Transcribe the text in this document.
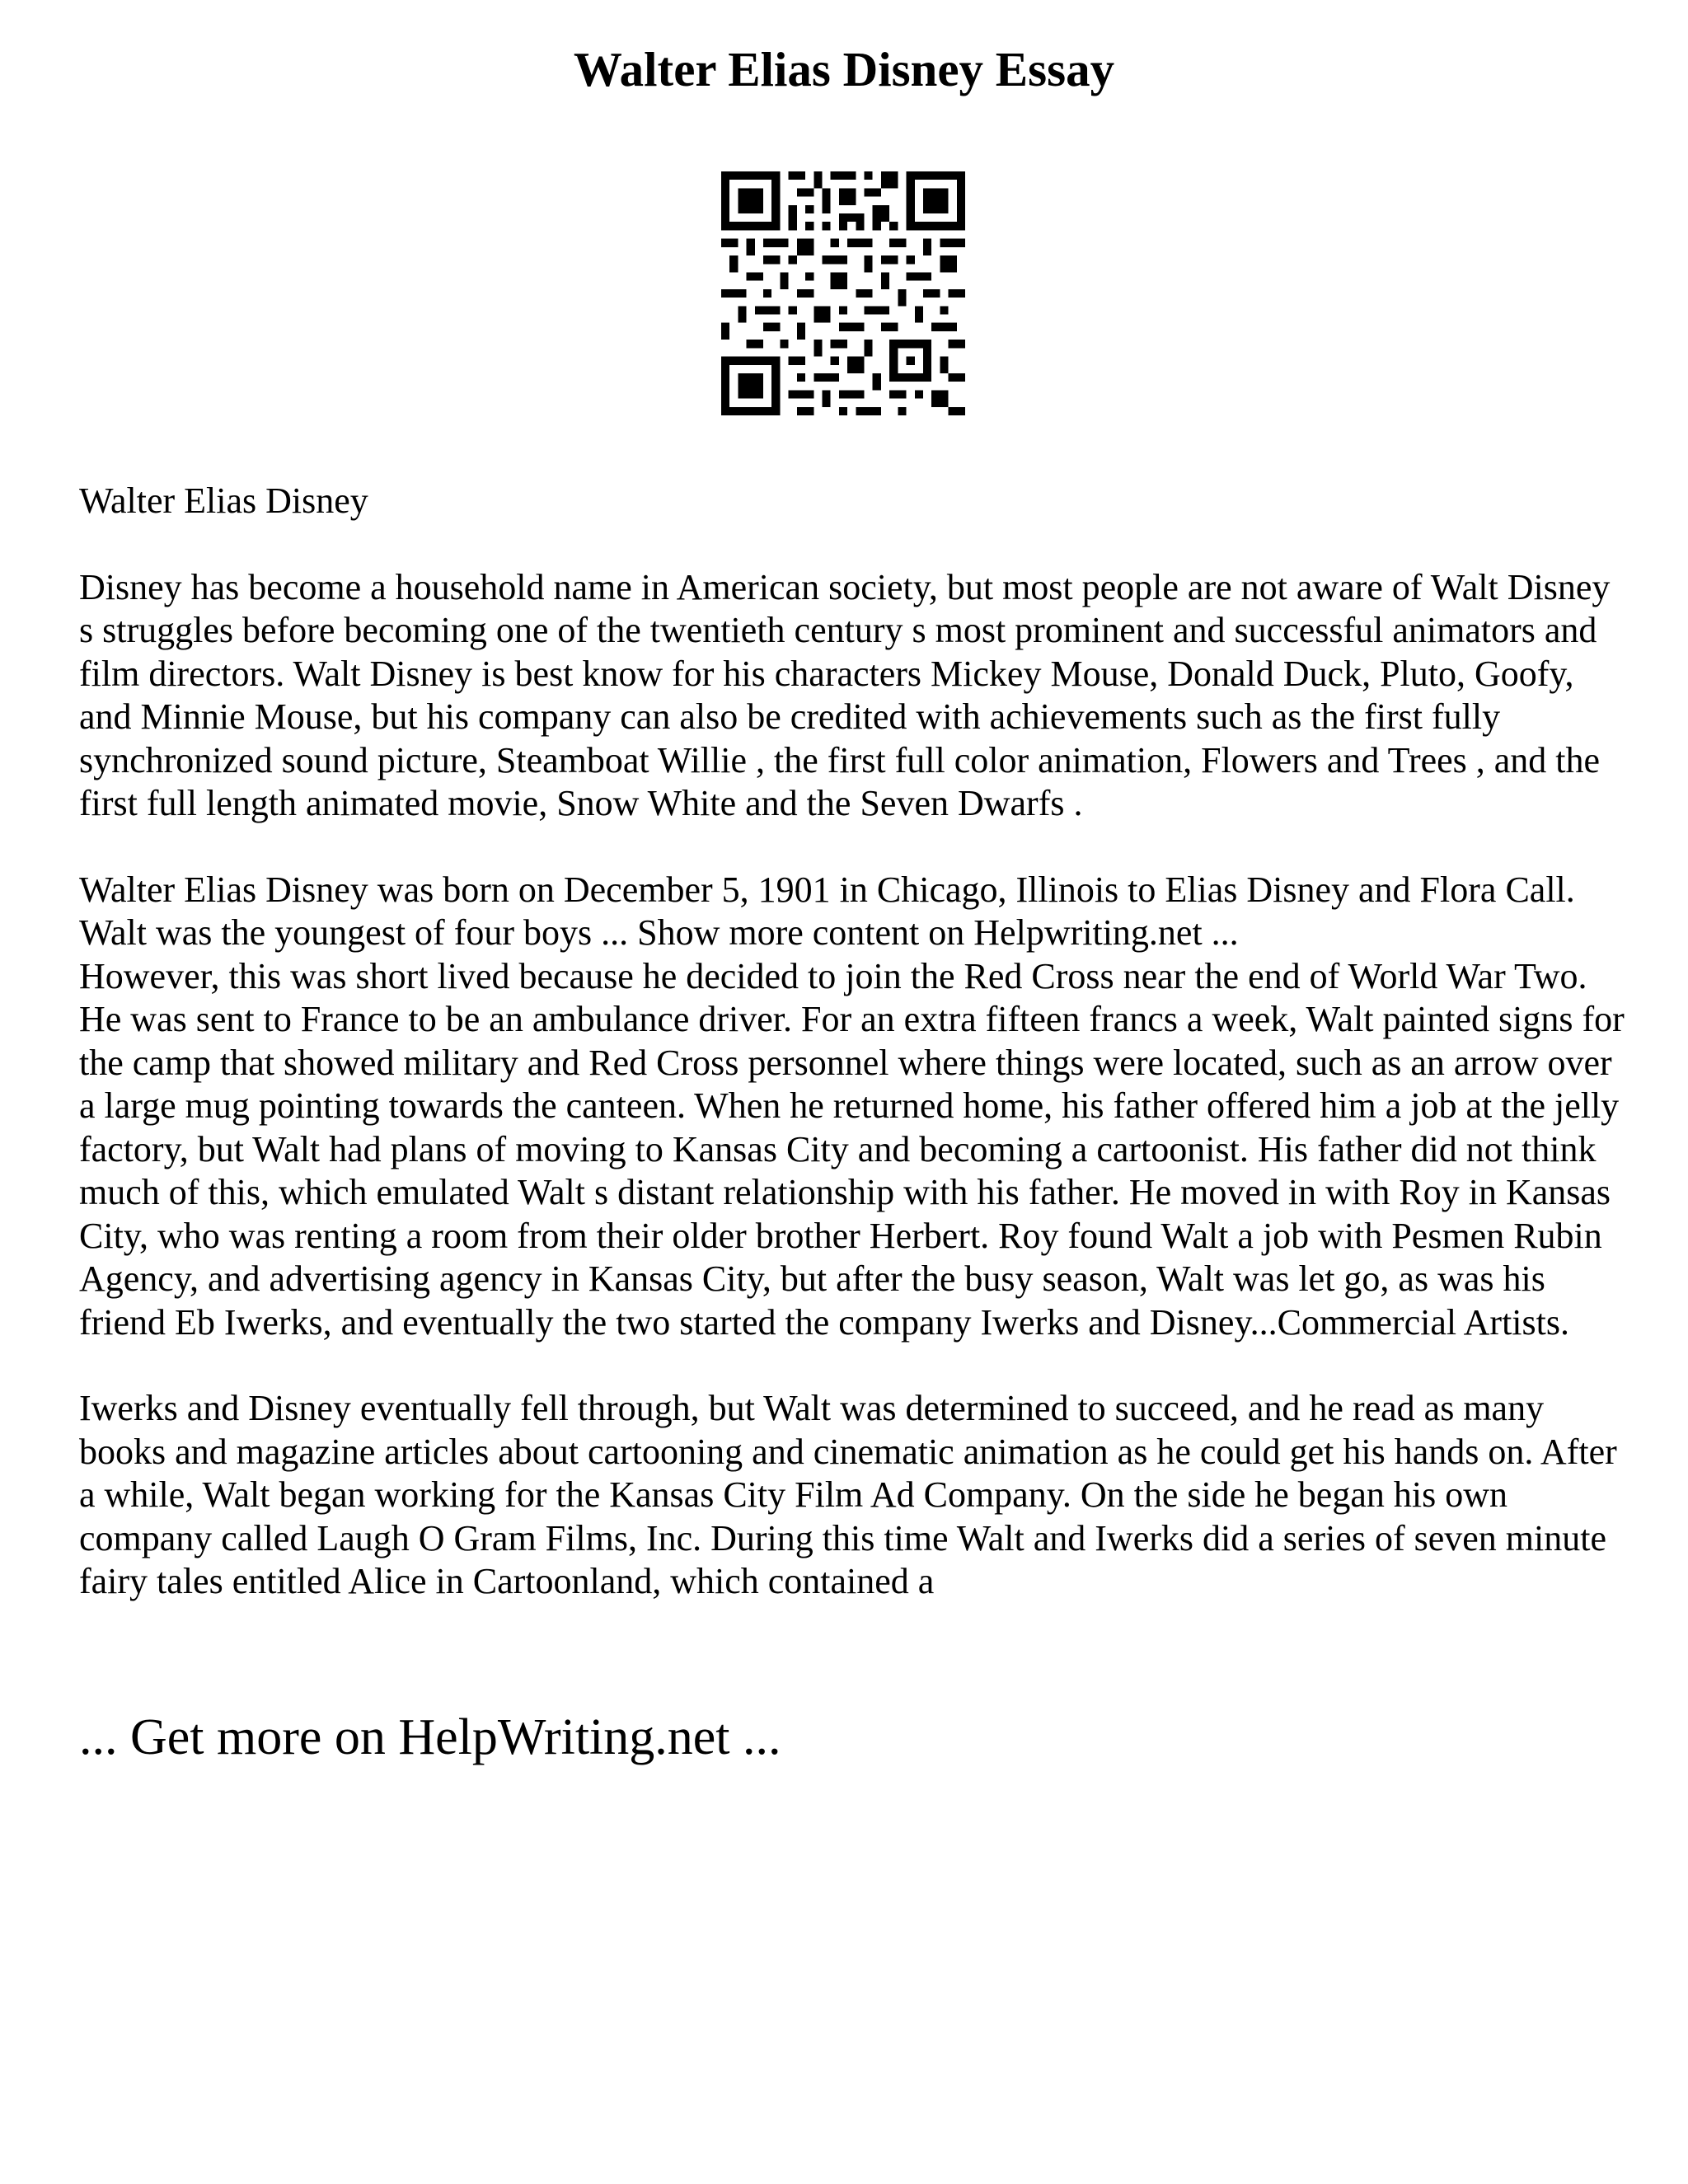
Walter Elias Disney Essay

Walter Elias Disney

Disney has become a household name in American society, but most people are not aware of Walt Disney s struggles before becoming one of the twentieth century s most prominent and successful animators and film directors. Walt Disney is best know for his characters Mickey Mouse, Donald Duck, Pluto, Goofy, and Minnie Mouse, but his company can also be credited with achievements such as the first fully synchronized sound picture, Steamboat Willie , the first full color animation, Flowers and Trees , and the first full length animated movie, Snow White and the Seven Dwarfs .

Walter Elias Disney was born on December 5, 1901 in Chicago, Illinois to Elias Disney and Flora Call. Walt was the youngest of four boys ... Show more content on Helpwriting.net ...

However, this was short lived because he decided to join the Red Cross near the end of World War Two. He was sent to France to be an ambulance driver. For an extra fifteen francs a week, Walt painted signs for the camp that showed military and Red Cross personnel where things were located, such as an arrow over a large mug pointing towards the canteen. When he returned home, his father offered him a job at the jelly factory, but Walt had plans of moving to Kansas City and becoming a cartoonist. His father did not think much of this, which emulated Walt s distant relationship with his father. He moved in with Roy in Kansas City, who was renting a room from their older brother Herbert. Roy found Walt a job with Pesmen Rubin Agency, and advertising agency in Kansas City, but after the busy season, Walt was let go, as was his friend Eb Iwerks, and eventually the two started the company Iwerks and Disney...Commercial Artists.

Iwerks and Disney eventually fell through, but Walt was determined to succeed, and he read as many books and magazine articles about cartooning and cinematic animation as he could get his hands on. After a while, Walt began working for the Kansas City Film Ad Company. On the side he began his own company called Laugh O Gram Films, Inc. During this time Walt and Iwerks did a series of seven minute fairy tales entitled Alice in Cartoonland, which contained a

... Get more on HelpWriting.net ...
